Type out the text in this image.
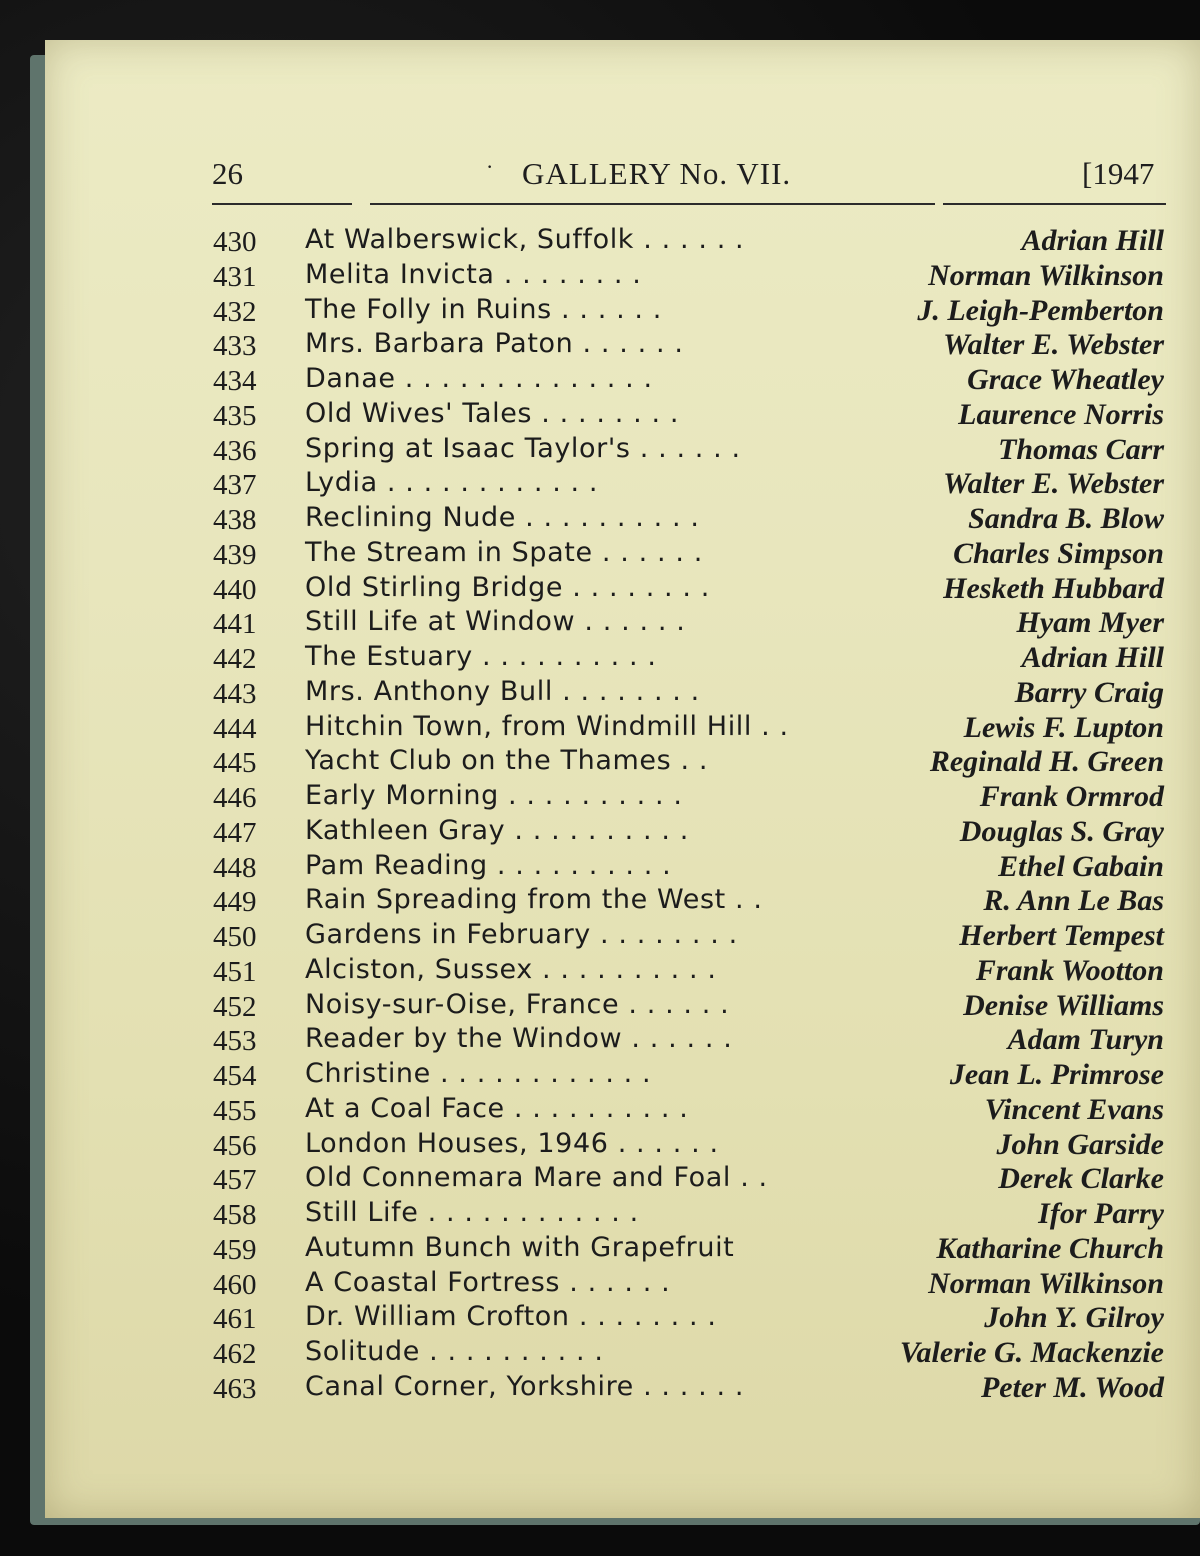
26	· GALLERY No. VII.	[1947
430 At Walberswick, Suffolk . . . . . .	Adrian Hill
431 Melita Invicta . . . . . . . .	Norman Wilkinson
432 The Folly in Ruins . . . . . .	J. Leigh-Pemberton
433 Mrs. Barbara Paton . . . . . .	Walter E. Webster
434 Danae . . . . . . . . . . . . . .	Grace Wheatley
435 Old Wives' Tales . . . . . . . .	Laurence Norris
436 Spring at Isaac Taylor's . . . . . .	Thomas Carr
437 Lydia . . . . . . . . . . . .	Walter E. Webster
438 Reclining Nude . . . . . . . . . .	Sandra B. Blow
439 The Stream in Spate . . . . . .	Charles Simpson
440 Old Stirling Bridge . . . . . . . .	Hesketh Hubbard
441 Still Life at Window . . . . . .	Hyam Myer
442 The Estuary . . . . . . . . . .	Adrian Hill
443 Mrs. Anthony Bull . . . . . . . .	Barry Craig
444 Hitchin Town, from Windmill Hill . .	Lewis F. Lupton
445 Yacht Club on the Thames . .	Reginald H. Green
446 Early Morning . . . . . . . . . .	Frank Ormrod
447 Kathleen Gray . . . . . . . . . .	Douglas S. Gray
448 Pam Reading . . . . . . . . . .	Ethel Gabain
449 Rain Spreading from the West . .	R. Ann Le Bas
450 Gardens in February . . . . . . . .	Herbert Tempest
451 Alciston, Sussex . . . . . . . . . .	Frank Wootton
452 Noisy-sur-Oise, France . . . . . .	Denise Williams
453 Reader by the Window . . . . . .	Adam Turyn
454 Christine . . . . . . . . . . . .	Jean L. Primrose
455 At a Coal Face . . . . . . . . . .	Vincent Evans
456 London Houses, 1946 . . . . . .	John Garside
457 Old Connemara Mare and Foal . .	Derek Clarke
458 Still Life . . . . . . . . . . . .	Ifor Parry
459 Autumn Bunch with Grapefruit	Katharine Church
460 A Coastal Fortress . . . . . .	Norman Wilkinson
461 Dr. William Crofton . . . . . . . .	John Y. Gilroy
462 Solitude . . . . . . . . . .	Valerie G. Mackenzie
463 Canal Corner, Yorkshire . . . . . .	Peter M. Wood
